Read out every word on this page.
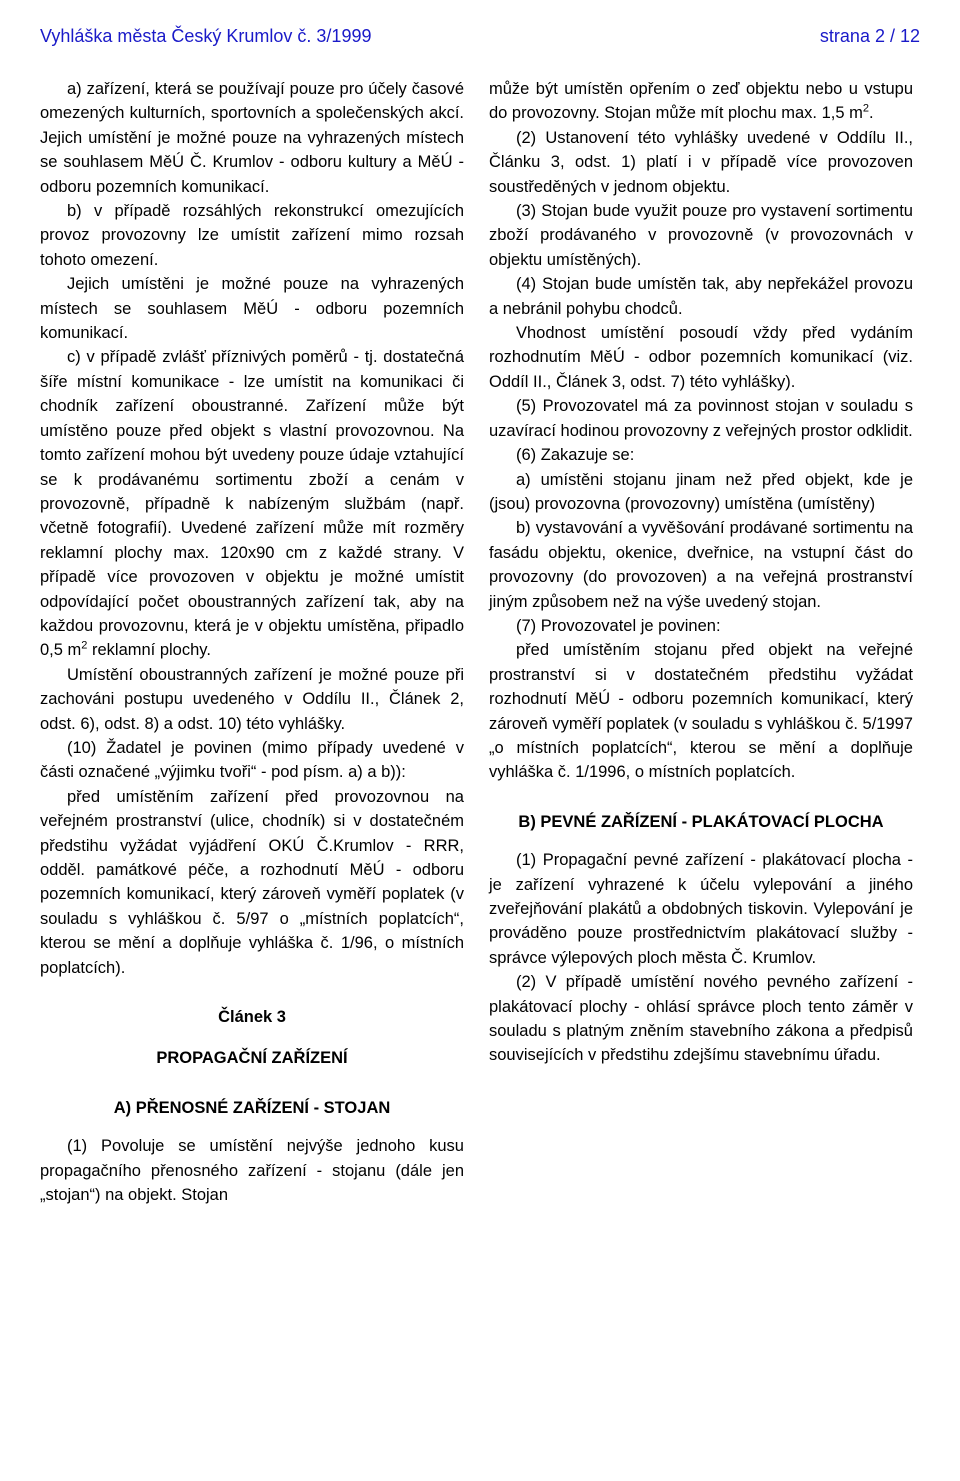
Vyhláška města Český Krumlov č. 3/1999	strana 2 / 12

a) zařízení, která se používají pouze pro účely časové omezených kulturních, sportovních a společenských akcí. Jejich umístění je možné pouze na vyhrazených místech se souhlasem MěÚ Č. Krumlov - odboru kultury a MěÚ - odboru pozemních komunikací.

b) v případě rozsáhlých rekonstrukcí omezujících provoz provozovny lze umístit zařízení mimo rozsah tohoto omezení.

Jejich umístěni je možné pouze na vyhrazených místech se souhlasem MěÚ - odboru pozemních komunikací.

c) v případě zvlášť příznivých poměrů - tj. dostatečná šíře místní komunikace - lze umístit na komunikaci či chodník zařízení oboustranné. Zařízení může být umístěno pouze před objekt s vlastní provozovnou. Na tomto zařízení mohou být uvedeny pouze údaje vztahující se k prodávanému sortimentu zboží a cenám v provozovně, případně k nabízeným službám (např. včetně fotografií). Uvedené zařízení může mít rozměry reklamní plochy max. 120x90 cm z každé strany. V případě více provozoven v objektu je možné umístit odpovídající počet oboustranných zařízení tak, aby na každou provozovnu, která je v objektu umístěna, připadlo 0,5 $m^2$ reklamní plochy.

Umístění oboustranných zařízení je možné pouze při zachováni postupu uvedeného v Oddílu II., Článek 2, odst. 6), odst. 8) a odst. 10) této vyhlášky.

(10) Žadatel je povinen (mimo případy uvedené v části označené „výjimku tvoři“ - pod písm. a) a b)):

před umístěním zařízení před provozovnou na veřejném prostranství (ulice, chodník) si v dostatečném předstihu vyžádat vyjádření OKÚ Č.Krumlov - RRR, odděl. památkové péče, a rozhodnutí MěÚ - odboru pozemních komunikací, který zároveň vyměří poplatek (v souladu s vyhláškou č. 5/97 o „místních poplatcích“, kterou se mění a doplňuje vyhláška č. 1/96, o místních poplatcích).

Článek 3

PROPAGAČNÍ ZAŘÍZENÍ

A) PŘENOSNÉ ZAŘÍZENÍ - STOJAN

(1) Povoluje se umístění nejvýše jednoho kusu propagačního přenosného zařízení - stojanu (dále jen „stojan“) na objekt. Stojan

může být umístěn opřením o zeď objektu nebo u vstupu do provozovny. Stojan může mít plochu max. 1,5 $m^2$.

(2) Ustanovení této vyhlášky uvedené v Oddílu II., Článku 3, odst. 1) platí i v případě více provozoven soustředěných v jednom objektu.

(3) Stojan bude využit pouze pro vystavení sortimentu zboží prodávaného v provozovně (v provozovnách v objektu umístěných).

(4) Stojan bude umístěn tak, aby nepřekážel provozu a nebránil pohybu chodců.

Vhodnost umístění posoudí vždy před vydáním rozhodnutím MěÚ - odbor pozemních komunikací (viz. Oddíl II., Článek 3, odst. 7) této vyhlášky).

(5) Provozovatel má za povinnost stojan v souladu s uzavírací hodinou provozovny z veřejných prostor odklidit.

(6) Zakazuje se:

a) umístěni stojanu jinam než před objekt, kde je (jsou) provozovna (provozovny) umístěna (umístěny)

b) vystavování a vyvěšování prodávané sortimentu na fasádu objektu, okenice, dveřnice, na vstupní část do provozovny (do provozoven) a na veřejná prostranství jiným způsobem než na výše uvedený stojan.

(7) Provozovatel je povinen:

před umístěním stojanu před objekt na veřejné prostranství si v dostatečném předstihu vyžádat rozhodnutí MěÚ - odboru pozemních komunikací, který zároveň vyměří poplatek (v souladu s vyhláškou č. 5/1997 „o místních poplatcích“, kterou se mění a doplňuje vyhláška č. 1/1996, o místních poplatcích.

B) PEVNÉ ZAŘÍZENÍ - PLAKÁTOVACÍ PLOCHA

(1) Propagační pevné zařízení - plakátovací plocha - je zařízení vyhrazené k účelu vylepování a jiného zveřejňování plakátů a obdobných tiskovin. Vylepování je prováděno pouze prostřednictvím plakátovací služby - správce výlepových ploch města Č. Krumlov.

(2) V případě umístění nového pevného zařízení - plakátovací plochy - ohlásí správce ploch tento záměr v souladu s platným zněním stavebního zákona a předpisů souvisejících v předstihu zdejšímu stavebnímu úřadu.
